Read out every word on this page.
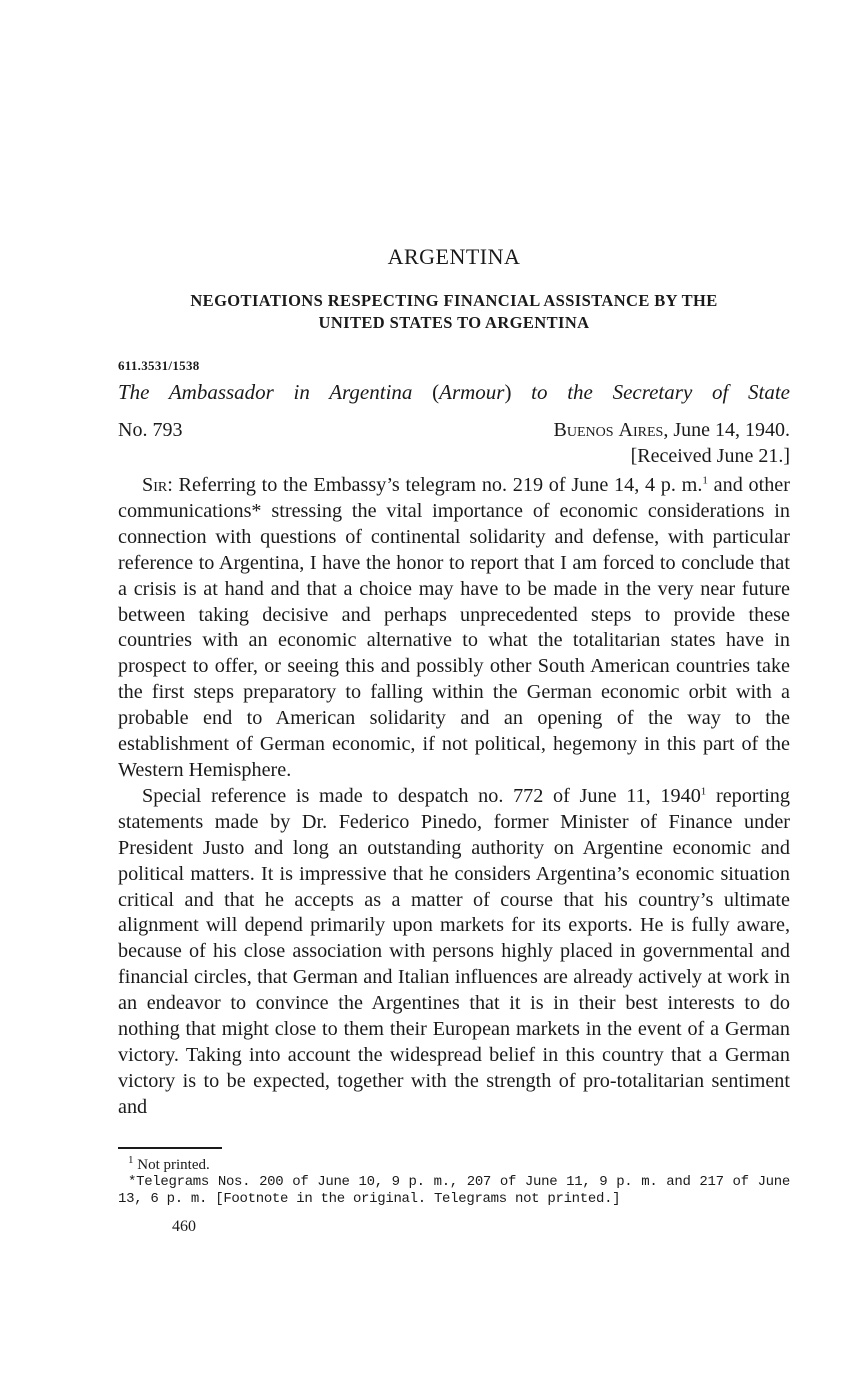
ARGENTINA
NEGOTIATIONS RESPECTING FINANCIAL ASSISTANCE BY THE
UNITED STATES TO ARGENTINA
611.3531/1538
The Ambassador in Argentina (Armour) to the Secretary of State
No. 793	Buenos Aires, June 14, 1940.
[Received June 21.]

Sir: Referring to the Embassy’s telegram no. 219 of June 14, 4 p. m.$^1$ and other communications* stressing the vital importance of economic considerations in connection with questions of continental solidarity and defense, with particular reference to Argentina, I have the honor to report that I am forced to conclude that a crisis is at hand and that a choice may have to be made in the very near future between taking decisive and perhaps unprecedented steps to provide these countries with an economic alternative to what the totalitarian states have in prospect to offer, or seeing this and possibly other South American countries take the first steps preparatory to falling within the German economic orbit with a probable end to American solidarity and an opening of the way to the establishment of German economic, if not political, hegemony in this part of the Western Hemisphere.

Special reference is made to despatch no. 772 of June 11, 1940$^1$ reporting statements made by Dr. Federico Pinedo, former Minister of Finance under President Justo and long an outstanding authority on Argentine economic and political matters. It is impressive that he considers Argentina’s economic situation critical and that he accepts as a matter of course that his country’s ultimate alignment will depend primarily upon markets for its exports. He is fully aware, because of his close association with persons highly placed in governmental and financial circles, that German and Italian influences are already actively at work in an endeavor to convince the Argentines that it is in their best interests to do nothing that might close to them their European markets in the event of a German victory. Taking into account the widespread belief in this country that a German victory is to be expected, together with the strength of pro-totalitarian sentiment and

$^1$ Not printed.

*Telegrams Nos. 200 of June 10, 9 p. m., 207 of June 11, 9 p. m. and 217 of June 13, 6 p. m. [Footnote in the original. Telegrams not printed.]

460
